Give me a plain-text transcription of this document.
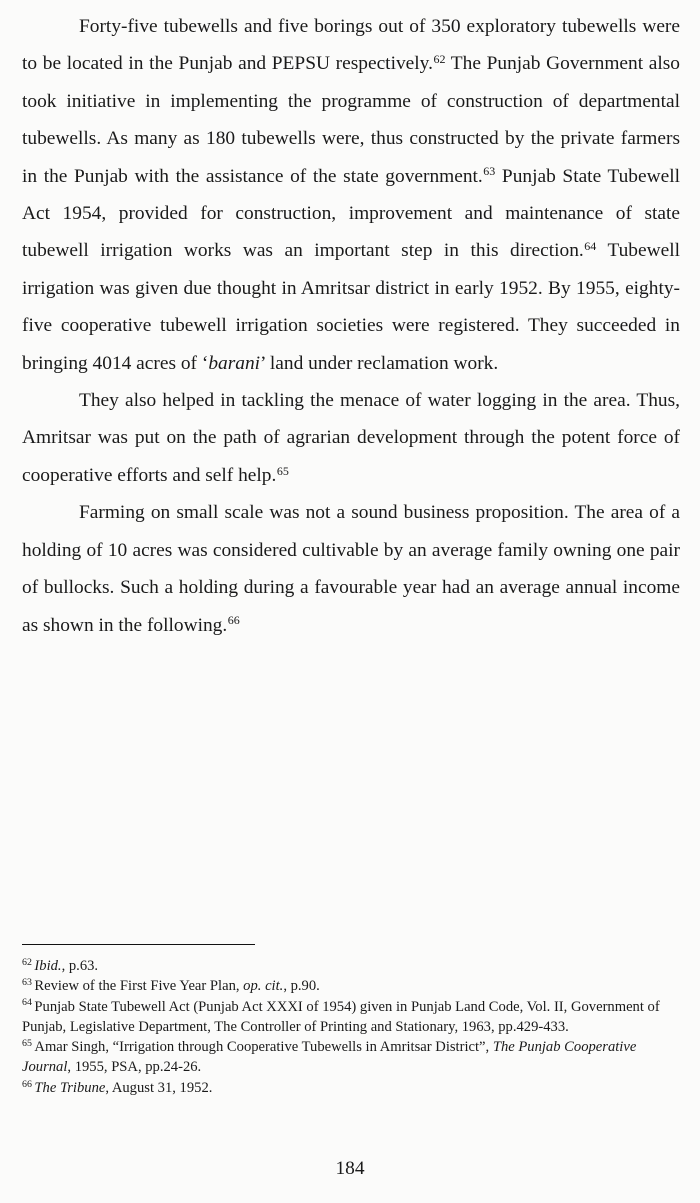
Forty-five tubewells and five borings out of 350 exploratory tubewells were to be located in the Punjab and PEPSU respectively.$^{62}$ The Punjab Government also took initiative in implementing the programme of construction of departmental tubewells. As many as 180 tubewells were, thus constructed by the private farmers in the Punjab with the assistance of the state government.$^{63}$ Punjab State Tubewell Act 1954, provided for construction, improvement and maintenance of state tubewell irrigation works was an important step in this direction.$^{64}$ Tubewell irrigation was given due thought in Amritsar district in early 1952. By 1955, eighty-five cooperative tubewell irrigation societies were registered. They succeeded in bringing 4014 acres of ‘barani’ land under reclamation work.

They also helped in tackling the menace of water logging in the area. Thus, Amritsar was put on the path of agrarian development through the potent force of cooperative efforts and self help.$^{65}$

Farming on small scale was not a sound business proposition. The area of a holding of 10 acres was considered cultivable by an average family owning one pair of bullocks. Such a holding during a favourable year had an average annual income as shown in the following.$^{66}$

$^{62}$ Ibid., p.63.
$^{63}$ Review of the First Five Year Plan, op. cit., p.90.
$^{64}$ Punjab State Tubewell Act (Punjab Act XXXI of 1954) given in Punjab Land Code, Vol. II, Government of Punjab, Legislative Department, The Controller of Printing and Stationary, 1963, pp.429-433.
$^{65}$ Amar Singh, “Irrigation through Cooperative Tubewells in Amritsar District”, The Punjab Cooperative Journal, 1955, PSA, pp.24-26.
$^{66}$ The Tribune, August 31, 1952.
184
